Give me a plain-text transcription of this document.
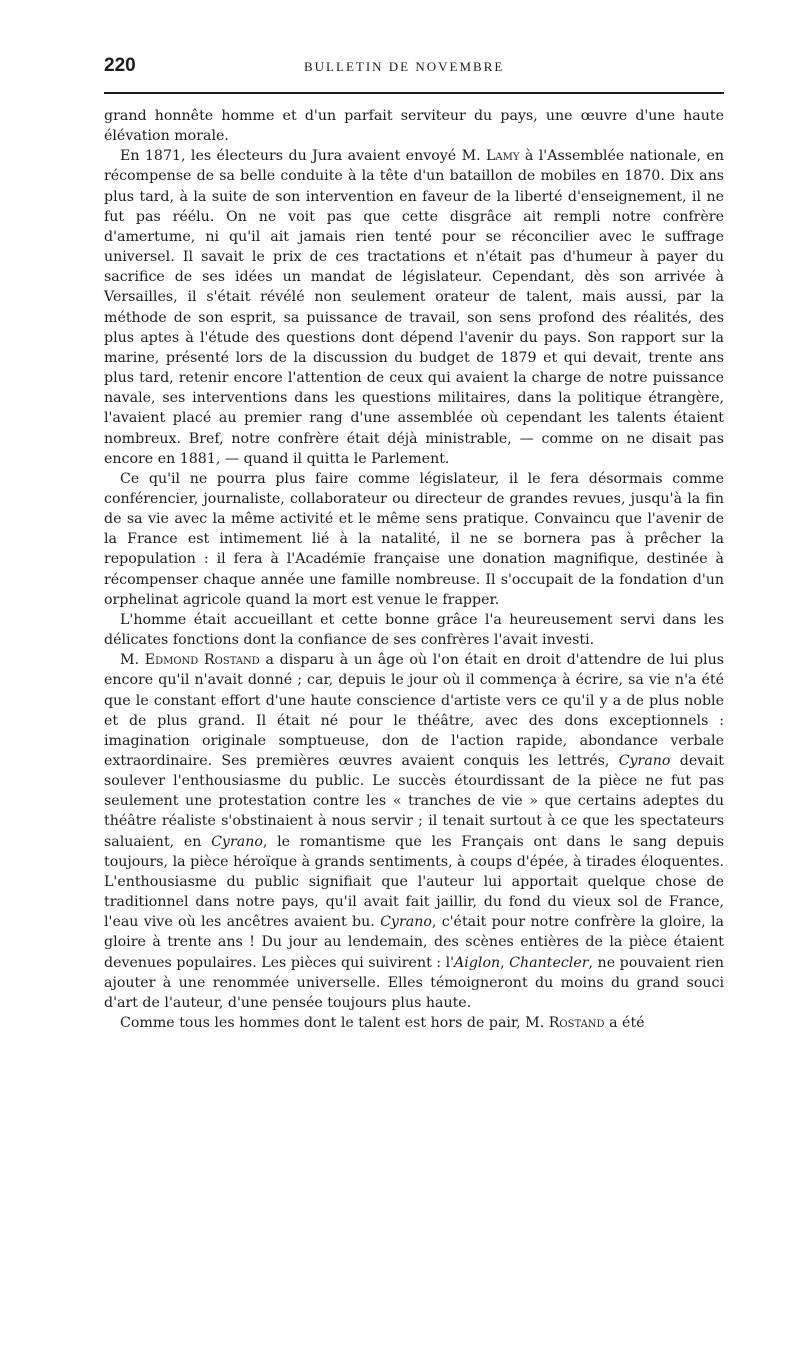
220	BULLETIN DE NOVEMBRE

grand honnête homme et d'un parfait serviteur du pays, une œuvre d'une haute élévation morale.

En 1871, les électeurs du Jura avaient envoyé M. Lamy à l'Assemblée nationale, en récompense de sa belle conduite à la tête d'un bataillon de mobiles en 1870. Dix ans plus tard, à la suite de son intervention en faveur de la liberté d'enseignement, il ne fut pas réélu. On ne voit pas que cette disgrâce ait rempli notre confrère d'amertume, ni qu'il ait jamais rien tenté pour se réconcilier avec le suffrage universel. Il savait le prix de ces tractations et n'était pas d'humeur à payer du sacrifice de ses idées un mandat de législateur. Cependant, dès son arrivée à Versailles, il s'était révélé non seulement orateur de talent, mais aussi, par la méthode de son esprit, sa puissance de travail, son sens profond des réalités, des plus aptes à l'étude des questions dont dépend l'avenir du pays. Son rapport sur la marine, présenté lors de la discussion du budget de 1879 et qui devait, trente ans plus tard, retenir encore l'attention de ceux qui avaient la charge de notre puissance navale, ses interventions dans les questions militaires, dans la politique étrangère, l'avaient placé au premier rang d'une assemblée où cependant les talents étaient nombreux. Bref, notre confrère était déjà ministrable, — comme on ne disait pas encore en 1881, — quand il quitta le Parlement.

Ce qu'il ne pourra plus faire comme législateur, il le fera désormais comme conférencier, journaliste, collaborateur ou directeur de grandes revues, jusqu'à la fin de sa vie avec la même activité et le même sens pratique. Convaincu que l'avenir de la France est intimement lié à la natalité, il ne se bornera pas à prêcher la repopulation : il fera à l'Académie française une donation magnifique, destinée à récompenser chaque année une famille nombreuse. Il s'occupait de la fondation d'un orphelinat agricole quand la mort est venue le frapper.

L'homme était accueillant et cette bonne grâce l'a heureusement servi dans les délicates fonctions dont la confiance de ses confrères l'avait investi.

M. Edmond Rostand a disparu à un âge où l'on était en droit d'attendre de lui plus encore qu'il n'avait donné ; car, depuis le jour où il commença à écrire, sa vie n'a été que le constant effort d'une haute conscience d'artiste vers ce qu'il y a de plus noble et de plus grand. Il était né pour le théâtre, avec des dons exceptionnels : imagination originale somptueuse, don de l'action rapide, abondance verbale extraordinaire. Ses premières œuvres avaient conquis les lettrés, Cyrano devait soulever l'enthousiasme du public. Le succès étourdissant de la pièce ne fut pas seulement une protestation contre les « tranches de vie » que certains adeptes du théâtre réaliste s'obstinaient à nous servir ; il tenait surtout à ce que les spectateurs saluaient, en Cyrano, le romantisme que les Français ont dans le sang depuis toujours, la pièce héroïque à grands sentiments, à coups d'épée, à tirades éloquentes. L'enthousiasme du public signifiait que l'auteur lui apportait quelque chose de traditionnel dans notre pays, qu'il avait fait jaillir, du fond du vieux sol de France, l'eau vive où les ancêtres avaient bu. Cyrano, c'était pour notre confrère la gloire, la gloire à trente ans ! Du jour au lendemain, des scènes entières de la pièce étaient devenues populaires. Les pièces qui suivirent : l'Aiglon, Chantecler, ne pouvaient rien ajouter à une renommée universelle. Elles témoigneront du moins du grand souci d'art de l'auteur, d'une pensée toujours plus haute.

Comme tous les hommes dont le talent est hors de pair, M. Rostand a été
